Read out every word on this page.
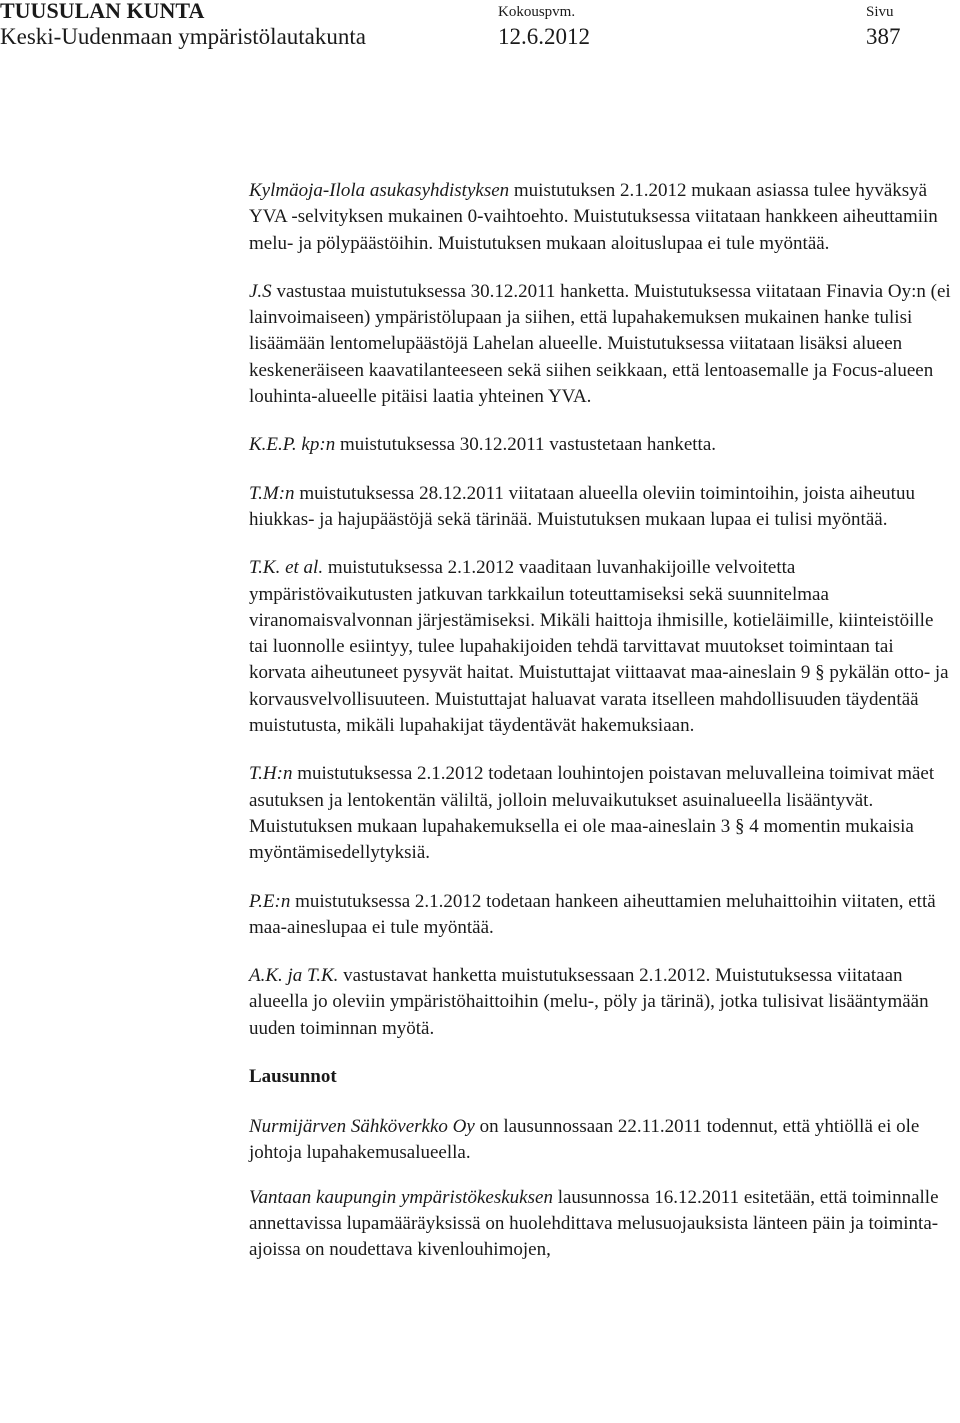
TUUSULAN KUNTA
Keski-Uudenmaan ympäristölautakunta
Kokouspvm.
12.6.2012
Sivu
387

Kylmäoja-Ilola asukasyhdistyksen muistutuksen 2.1.2012 mukaan asiassa tulee hyväksyä YVA -selvityksen mukainen 0-vaihtoehto. Muistutuksessa viitataan hankkeen aiheuttamiin melu- ja pölypäästöihin. Muistutuksen mukaan aloituslupaa ei tule myöntää.

J.S vastustaa muistutuksessa 30.12.2011 hanketta. Muistutuksessa viitataan Finavia Oy:n (ei lainvoimaiseen) ympäristölupaan ja siihen, että lupahakemuksen mukainen hanke tulisi lisäämään lentomelupäästöjä Lahelan alueelle. Muistutuksessa viitataan lisäksi alueen keskeneräiseen kaavatilanteeseen sekä siihen seikkaan, että lentoasemalle ja Focus-alueen louhinta-alueelle pitäisi laatia yhteinen YVA.

K.E.P. kp:n muistutuksessa 30.12.2011 vastustetaan hanketta.

T.M:n muistutuksessa 28.12.2011 viitataan alueella oleviin toimintoihin, joista aiheutuu hiukkas- ja hajupäästöjä sekä tärinää. Muistutuksen mukaan lupaa ei tulisi myöntää.

T.K. et al. muistutuksessa 2.1.2012 vaaditaan luvanhakijoille velvoitetta ympäristövaikutusten jatkuvan tarkkailun toteuttamiseksi sekä suunnitelmaa viranomaisvalvonnan järjestämiseksi. Mikäli haittoja ihmisille, kotieläimille, kiinteistöille tai luonnolle esiintyy, tulee lupahakijoiden tehdä tarvittavat muutokset toimintaan tai korvata aiheutuneet pysyvät haitat. Muistuttajat viittaavat maa-aineslain 9 § pykälän otto- ja korvausvelvollisuuteen. Muistuttajat haluavat varata itselleen mahdollisuuden täydentää muistutusta, mikäli lupahakijat täydentävät hakemuksiaan.

T.H:n muistutuksessa 2.1.2012 todetaan louhintojen poistavan meluvalleina toimivat mäet asutuksen ja lentokentän väliltä, jolloin meluvaikutukset asuinalueella lisääntyvät. Muistutuksen mukaan lupahakemuksella ei ole maa-aineslain 3 § 4 momentin mukaisia myöntämisedellytyksiä.

P.E:n muistutuksessa 2.1.2012 todetaan hankeen aiheuttamien meluhaittoihin viitaten, että maa-aineslupaa ei tule myöntää.

A.K. ja T.K. vastustavat hanketta muistutuksessaan 2.1.2012. Muistutuksessa viitataan alueella jo oleviin ympäristöhaittoihin (melu-, pöly ja tärinä), jotka tulisivat lisääntymään uuden toiminnan myötä.

Lausunnot

Nurmijärven Sähköverkko Oy on lausunnossaan 22.11.2011 todennut, että yhtiöllä ei ole johtoja lupahakemusalueella.

Vantaan kaupungin ympäristökeskuksen lausunnossa 16.12.2011 esitetään, että toiminnalle annettavissa lupamääräyksissä on huolehdittava melusuojauksista länteen päin ja toiminta-ajoissa on noudettava kivenlouhimojen,
